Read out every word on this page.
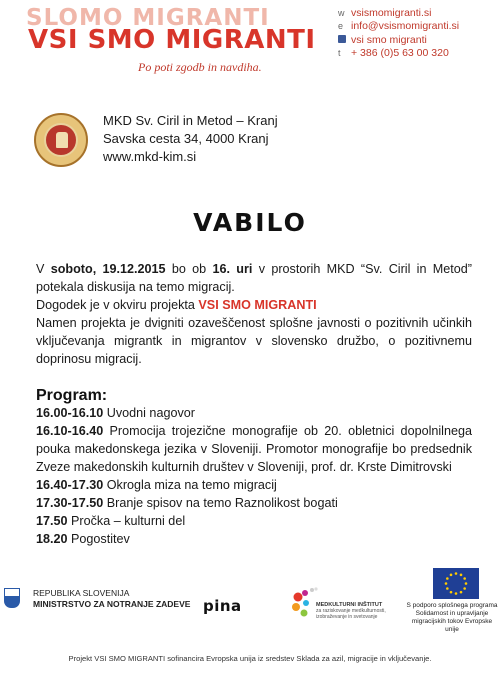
SLOMO MIGRANTI
VSI SMO MIGRANTI
Po poti zgodb in navdiha.
w vsismomigranti.si
e info@vsismomigranti.si
vsi smo migranti
t + 386 (0)5 63 00 320
MKD Sv. Ciril in Metod – Kranj
Savska cesta 34, 4000 Kranj
www.mkd-kim.si
VABILO
V soboto, 19.12.2015 bo ob 16. uri v prostorih MKD “Sv. Ciril in Metod” potekala diskusija na temo migracij.
Dogodek je v okviru projekta VSI SMO MIGRANTI
Namen projekta je dvigniti ozaveščenost splošne javnosti o pozitivnih učinkih vključevanja migrantk in migrantov v slovensko družbo, o pozitivnemu doprinosu migracij.
Program:

16.00-16.10 Uvodni nagovor

16.10-16.40 Promocija trojezične monografije ob 20. obletnici dopolnilnega pouka makedonskega jezika v Sloveniji. Promotor monografije bo predsednik Zveze makedonskih kulturnih društev v Sloveniji, prof. dr. Krste Dimitrovski

16.40-17.30 Okrogla miza na temo migracij

17.30-17.50 Branje spisov na temo Raznolikost bogati

17.50 Pročka – kulturni del

18.20 Pogostitev

REPUBLIKA SLOVENIJA
MINISTRSTVO ZA NOTRANJE ZADEVE pina	MEDKULTURNI INŠTITUT
za raziskovanje medkulturnosti,
izobraževanje in svetovanje
S podporo splošnega programa Solidarnost in upravljanje migracijskih tokov Evropske unije
Projekt VSI SMO MIGRANTI sofinancira Evropska unija iz sredstev Sklada za azil, migracije in vključevanje.
